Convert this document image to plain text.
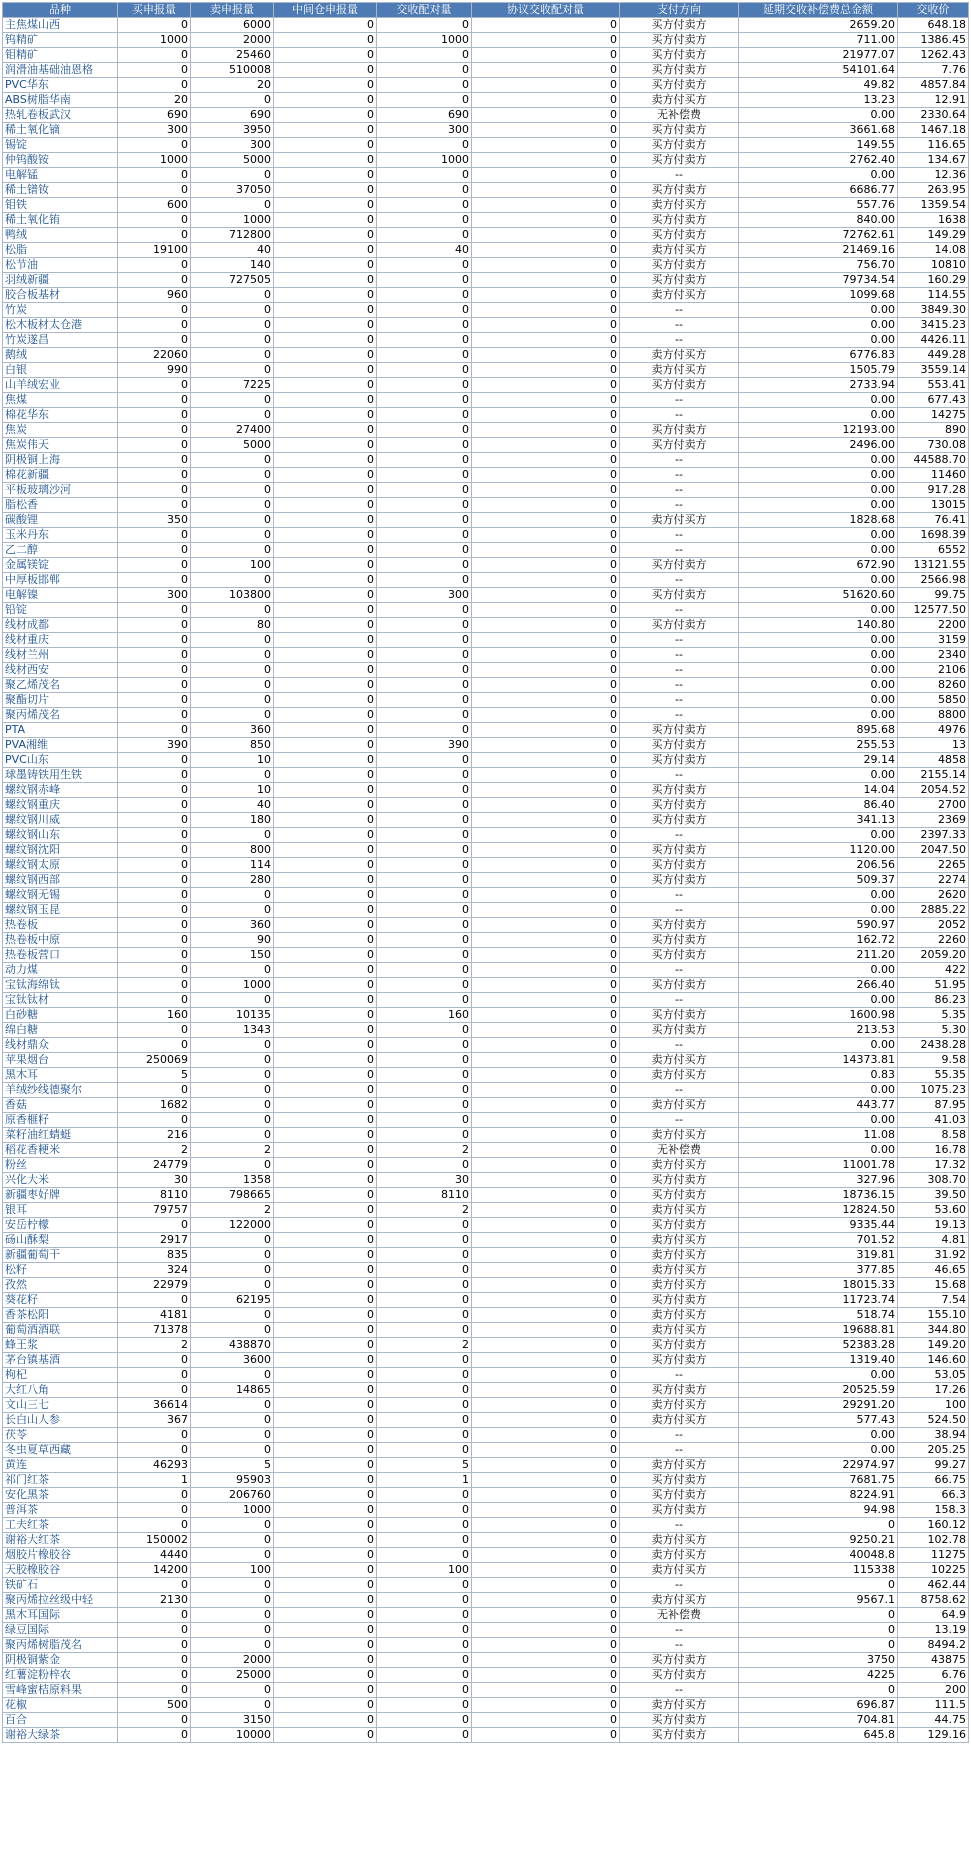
品种	买申报量	卖申报量	中间仓申报量	交收配对量	协议交收配对量	支付方向	延期交收补偿费总金额	交收价
主焦煤山西	0	6000	0	0	0	买方付卖方	2659.20	648.18
钨精矿	1000	2000	0	1000	0	买方付卖方	711.00	1386.45
钼精矿	0	25460	0	0	0	买方付卖方	21977.07	1262.43
润滑油基础油恩格	0	510008	0	0	0	买方付卖方	54101.64	7.76
PVC华东	0	20	0	0	0	买方付卖方	49.82	4857.84
ABS树脂华南	20	0	0	0	0	卖方付买方	13.23	12.91
热轧卷板武汉	690	690	0	690	0	无补偿费	0.00	2330.64
稀土氧化镝	300	3950	0	300	0	买方付卖方	3661.68	1467.18
锡锭	0	300	0	0	0	买方付卖方	149.55	116.65
仲钨酸铵	1000	5000	0	1000	0	买方付卖方	2762.40	134.67
电解锰	0	0	0	0	0	--	0.00	12.36
稀土镨钕	0	37050	0	0	0	买方付卖方	6686.77	263.95
钼铁	600	0	0	0	0	卖方付买方	557.76	1359.54
稀土氧化铕	0	1000	0	0	0	买方付卖方	840.00	1638
鸭绒	0	712800	0	0	0	买方付卖方	72762.61	149.29
松脂	19100	40	0	40	0	卖方付买方	21469.16	14.08
松节油	0	140	0	0	0	买方付卖方	756.70	10810
羽绒新疆	0	727505	0	0	0	买方付卖方	79734.54	160.29
胶合板基材	960	0	0	0	0	卖方付买方	1099.68	114.55
竹炭	0	0	0	0	0	--	0.00	3849.30
松木板材太仓港	0	0	0	0	0	--	0.00	3415.23
竹炭遂昌	0	0	0	0	0	--	0.00	4426.11
鹅绒	22060	0	0	0	0	卖方付买方	6776.83	449.28
白银	990	0	0	0	0	卖方付买方	1505.79	3559.14
山羊绒宏业	0	7225	0	0	0	买方付卖方	2733.94	553.41
焦煤	0	0	0	0	0	--	0.00	677.43
棉花华东	0	0	0	0	0	--	0.00	14275
焦炭	0	27400	0	0	0	买方付卖方	12193.00	890
焦炭伟天	0	5000	0	0	0	买方付卖方	2496.00	730.08
阴极铜上海	0	0	0	0	0	--	0.00	44588.70
棉花新疆	0	0	0	0	0	--	0.00	11460
平板玻璃沙河	0	0	0	0	0	--	0.00	917.28
脂松香	0	0	0	0	0	--	0.00	13015
碳酸锂	350	0	0	0	0	卖方付买方	1828.68	76.41
玉米丹东	0	0	0	0	0	--	0.00	1698.39
乙二醇	0	0	0	0	0	--	0.00	6552
金属镁锭	0	100	0	0	0	买方付卖方	672.90	13121.55
中厚板邯郸	0	0	0	0	0	--	0.00	2566.98
电解镍	300	103800	0	300	0	买方付卖方	51620.60	99.75
铅锭	0	0	0	0	0	--	0.00	12577.50
线材成都	0	80	0	0	0	买方付卖方	140.80	2200
线材重庆	0	0	0	0	0	--	0.00	3159
线材兰州	0	0	0	0	0	--	0.00	2340
线材西安	0	0	0	0	0	--	0.00	2106
聚乙烯茂名	0	0	0	0	0	--	0.00	8260
聚酯切片	0	0	0	0	0	--	0.00	5850
聚丙烯茂名	0	0	0	0	0	--	0.00	8800
PTA	0	360	0	0	0	买方付卖方	895.68	4976
PVA湘维	390	850	0	390	0	买方付卖方	255.53	13
PVC山东	0	10	0	0	0	买方付卖方	29.14	4858
球墨铸铁用生铁	0	0	0	0	0	--	0.00	2155.14
螺纹钢赤峰	0	10	0	0	0	买方付卖方	14.04	2054.52
螺纹钢重庆	0	40	0	0	0	买方付卖方	86.40	2700
螺纹钢川威	0	180	0	0	0	买方付卖方	341.13	2369
螺纹钢山东	0	0	0	0	0	--	0.00	2397.33
螺纹钢沈阳	0	800	0	0	0	买方付卖方	1120.00	2047.50
螺纹钢太原	0	114	0	0	0	买方付卖方	206.56	2265
螺纹钢西部	0	280	0	0	0	买方付卖方	509.37	2274
螺纹钢无锡	0	0	0	0	0	--	0.00	2620
螺纹钢玉昆	0	0	0	0	0	--	0.00	2885.22
热卷板	0	360	0	0	0	买方付卖方	590.97	2052
热卷板中原	0	90	0	0	0	买方付卖方	162.72	2260
热卷板营口	0	150	0	0	0	买方付卖方	211.20	2059.20
动力煤	0	0	0	0	0	--	0.00	422
宝钛海绵钛	0	1000	0	0	0	买方付卖方	266.40	51.95
宝钛钛材	0	0	0	0	0	--	0.00	86.23
白砂糖	160	10135	0	160	0	买方付卖方	1600.98	5.35
绵白糖	0	1343	0	0	0	买方付卖方	213.53	5.30
线材鼎众	0	0	0	0	0	--	0.00	2438.28
苹果烟台	250069	0	0	0	0	卖方付买方	14373.81	9.58
黑木耳	5	0	0	0	0	卖方付买方	0.83	55.35
羊绒纱线德聚尔	0	0	0	0	0	--	0.00	1075.23
香菇	1682	0	0	0	0	卖方付买方	443.77	87.95
原香榧籽	0	0	0	0	0	--	0.00	41.03
菜籽油红蜻蜓	216	0	0	0	0	卖方付买方	11.08	8.58
稻花香粳米	2	2	0	2	0	无补偿费	0.00	16.78
粉丝	24779	0	0	0	0	卖方付买方	11001.78	17.32
兴化大米	30	1358	0	30	0	买方付卖方	327.96	308.70
新疆枣好牌	8110	798665	0	8110	0	买方付卖方	18736.15	39.50
银耳	79757	2	0	2	0	卖方付买方	12824.50	53.60
安岳柠檬	0	122000	0	0	0	买方付卖方	9335.44	19.13
砀山酥梨	2917	0	0	0	0	卖方付买方	701.52	4.81
新疆葡萄干	835	0	0	0	0	卖方付买方	319.81	31.92
松籽	324	0	0	0	0	卖方付买方	377.85	46.65
孜然	22979	0	0	0	0	卖方付买方	18015.33	15.68
葵花籽	0	62195	0	0	0	买方付卖方	11723.74	7.54
香茶松阳	4181	0	0	0	0	卖方付买方	518.74	155.10
葡萄酒酒联	71378	0	0	0	0	卖方付买方	19688.81	344.80
蜂王浆	2	438870	0	2	0	买方付卖方	52383.28	149.20
茅台镇基酒	0	3600	0	0	0	买方付卖方	1319.40	146.60
枸杞	0	0	0	0	0	--	0.00	53.05
大红八角	0	14865	0	0	0	买方付卖方	20525.59	17.26
文山三七	36614	0	0	0	0	卖方付买方	29291.20	100
长白山人参	367	0	0	0	0	卖方付买方	577.43	524.50
茯苓	0	0	0	0	0	--	0.00	38.94
冬虫夏草西藏	0	0	0	0	0	--	0.00	205.25
黄连	46293	5	0	5	0	卖方付买方	22974.97	99.27
祁门红茶	1	95903	0	1	0	买方付卖方	7681.75	66.75
安化黑茶	0	206760	0	0	0	买方付卖方	8224.91	66.3
普洱茶	0	1000	0	0	0	买方付卖方	94.98	158.3
工夫红茶	0	0	0	0	0	--	0	160.12
谢裕大红茶	150002	0	0	0	0	卖方付买方	9250.21	102.78
烟胶片橡胶谷	4440	0	0	0	0	卖方付买方	40048.8	11275
天胶橡胶谷	14200	100	0	100	0	卖方付买方	115338	10225
铁矿石	0	0	0	0	0	--	0	462.44
聚丙烯拉丝级中轻	2130	0	0	0	0	卖方付买方	9567.1	8758.62
黑木耳国际	0	0	0	0	0	无补偿费	0	64.9
绿豆国际	0	0	0	0	0	--	0	13.19
聚丙烯树脂茂名	0	0	0	0	0	--	0	8494.2
阴极铜紫金	0	2000	0	0	0	买方付卖方	3750	43875
红薯淀粉梓农	0	25000	0	0	0	买方付卖方	4225	6.76
雪峰蜜桔原料果	0	0	0	0	0	--	0	200
花椒	500	0	0	0	0	卖方付买方	696.87	111.5
百合	0	3150	0	0	0	买方付卖方	704.81	44.75
谢裕大绿茶	0	10000	0	0	0	买方付卖方	645.8	129.16
